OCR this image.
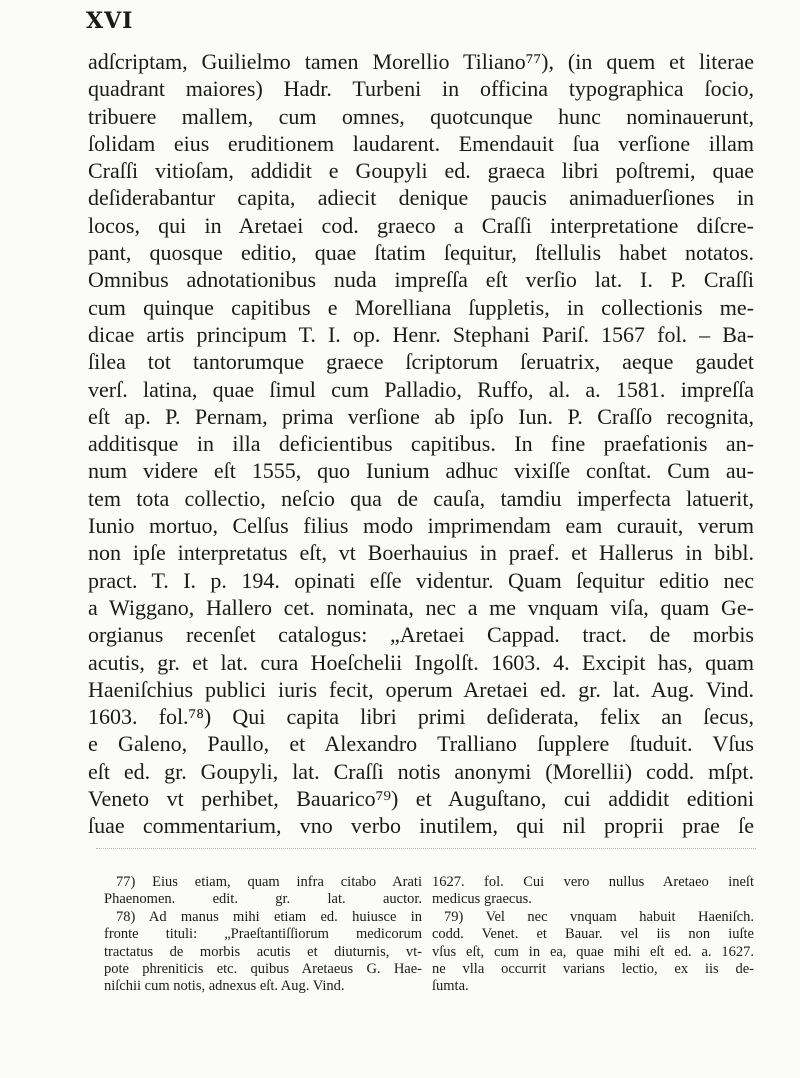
XVI
adſcriptam, Guilielmo tamen Morellio Tiliano⁷⁷), (in quem et literae
quadrant maiores) Hadr. Turbeni in officina typographica ſocio,
tribuere mallem, cum omnes, quotcunque hunc nominauerunt,
ſolidam eius eruditionem laudarent. Emendauit ſua verſione illam
Craſſi vitioſam, addidit e Goupyli ed. graeca libri poſtremi, quae
deſiderabantur capita, adiecit denique paucis animaduerſiones in
locos, qui in Aretaei cod. graeco a Craſſi interpretatione diſcre-
pant, quosque editio, quae ſtatim ſequitur, ſtellulis habet notatos.
Omnibus adnotationibus nuda impreſſa eſt verſio lat. I. P. Craſſi
cum quinque capitibus e Morelliana ſuppletis, in collectionis me-
dicae artis principum T. I. op. Henr. Stephani Pariſ. 1567 fol. – Ba-
ſilea tot tantorumque graece ſcriptorum ſeruatrix, aeque gaudet
verſ. latina, quae ſimul cum Palladio, Ruffo, al. a. 1581. impreſſa
eſt ap. P. Pernam, prima verſione ab ipſo Iun. P. Craſſo recognita,
additisque in illa deficientibus capitibus. In fine praefationis an-
num videre eſt 1555, quo Iunium adhuc vixiſſe conſtat. Cum au-
tem tota collectio, neſcio qua de cauſa, tamdiu imperfecta latuerit,
Iunio mortuo, Celſus filius modo imprimendam eam curauit, verum
non ipſe interpretatus eſt, vt Boerhauius in praef. et Hallerus in bibl.
pract. T. I. p. 194. opinati eſſe videntur. Quam ſequitur editio nec
a Wiggano, Hallero cet. nominata, nec a me vnquam viſa, quam Ge-
orgianus recenſet catalogus: „Aretaei Cappad. tract. de morbis
acutis, gr. et lat. cura Hoeſchelii Ingolſt. 1603. 4. Excipit has, quam
Haeniſchius publici iuris fecit, operum Aretaei ed. gr. lat. Aug. Vind.
1603. fol.⁷⁸) Qui capita libri primi deſiderata, felix an ſecus,
e Galeno, Paullo, et Alexandro Tralliano ſupplere ſtuduit. Vſus
eſt ed. gr. Goupyli, lat. Craſſi notis anonymi (Morellii) codd. mſpt.
Veneto vt perhibet, Bauarico⁷⁹) et Auguſtano, cui addidit editioni
ſuae commentarium, vno verbo inutilem, qui nil proprii prae ſe
77) Eius etiam, quam infra citabo Arati
Phaenomen. edit. gr. lat. auctor.
78) Ad manus mihi etiam ed. huiusce in
fronte tituli: „Praeſtantiſſiorum medicorum
tractatus de morbis acutis et diuturnis, vt-
pote phreniticis etc. quibus Aretaeus G. Hae-
niſchii cum notis, adnexus eſt. Aug. Vind.
1627. fol. Cui vero nullus Aretaeo ineſt
medicus graecus.
79) Vel nec vnquam habuit Haeniſch.
codd. Venet. et Bauar. vel iis non iuſte
vſus eſt, cum in ea, quae mihi eſt ed. a. 1627.
ne vlla occurrit varians lectio, ex iis de-
ſumta.
